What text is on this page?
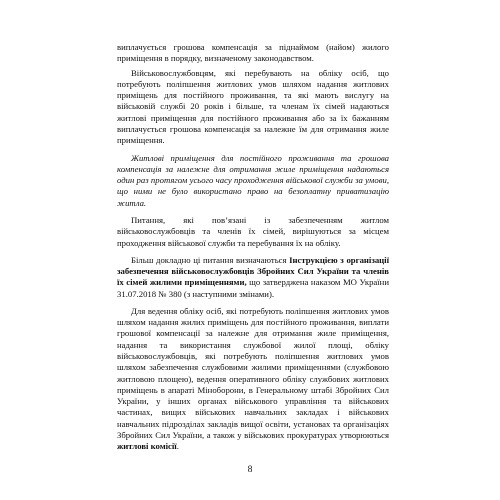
виплачується грошова компенсація за піднаймом (найом) жилого приміщення в порядку, визначеному законодавством.

Військовослужбовцям, які перебувають на обліку осіб, що потребують поліпшення житлових умов шляхом надання житлових приміщень для постійного проживання, та які мають вислугу на військовій службі 20 років і більше, та членам їх сімей надаються житлові приміщення для постійного проживання або за їх бажанням виплачується грошова компенсація за належне їм для отримання жиле приміщення.

Житлові приміщення для постійного проживання та грошова компенсація за належне для отримання жиле приміщення надаються один раз протягом усього часу проходження військової служби за умови, що ними не було використано право на безоплатну приватизацію житла.

Питання, які пов’язані із забезпеченням житлом військовослужбовців та членів їх сімей, вирішуються за місцем проходження військової служби та перебування їх на обліку.

Більш докладно ці питання визначаються Інструкцією з організації забезпечення військовослужбовців Збройних Сил України та членів їх сімей жилими приміщеннями, що затверджена наказом МО України 31.07.2018 № 380 (з наступними змінами).

Для ведення обліку осіб, які потребують поліпшення житлових умов шляхом надання жилих приміщень для постійного проживання, виплати грошової компенсації за належне для отримання жиле приміщення, надання та використання службової жилої площі, обліку військовослужбовців, які потребують поліпшення житлових умов шляхом забезпечення службовими жилими приміщеннями (службовою житловою площею), ведення оперативного обліку службових житлових приміщень в апараті Міноборони, в Генеральному штабі Збройних Сил України, у інших органах військового управління та військових частинах, вищих військових навчальних закладах і військових навчальних підрозділах закладів вищої освіти, установах та організаціях Збройних Сил України, а також у військових прокуратурах утворюються житлові комісії.

8
